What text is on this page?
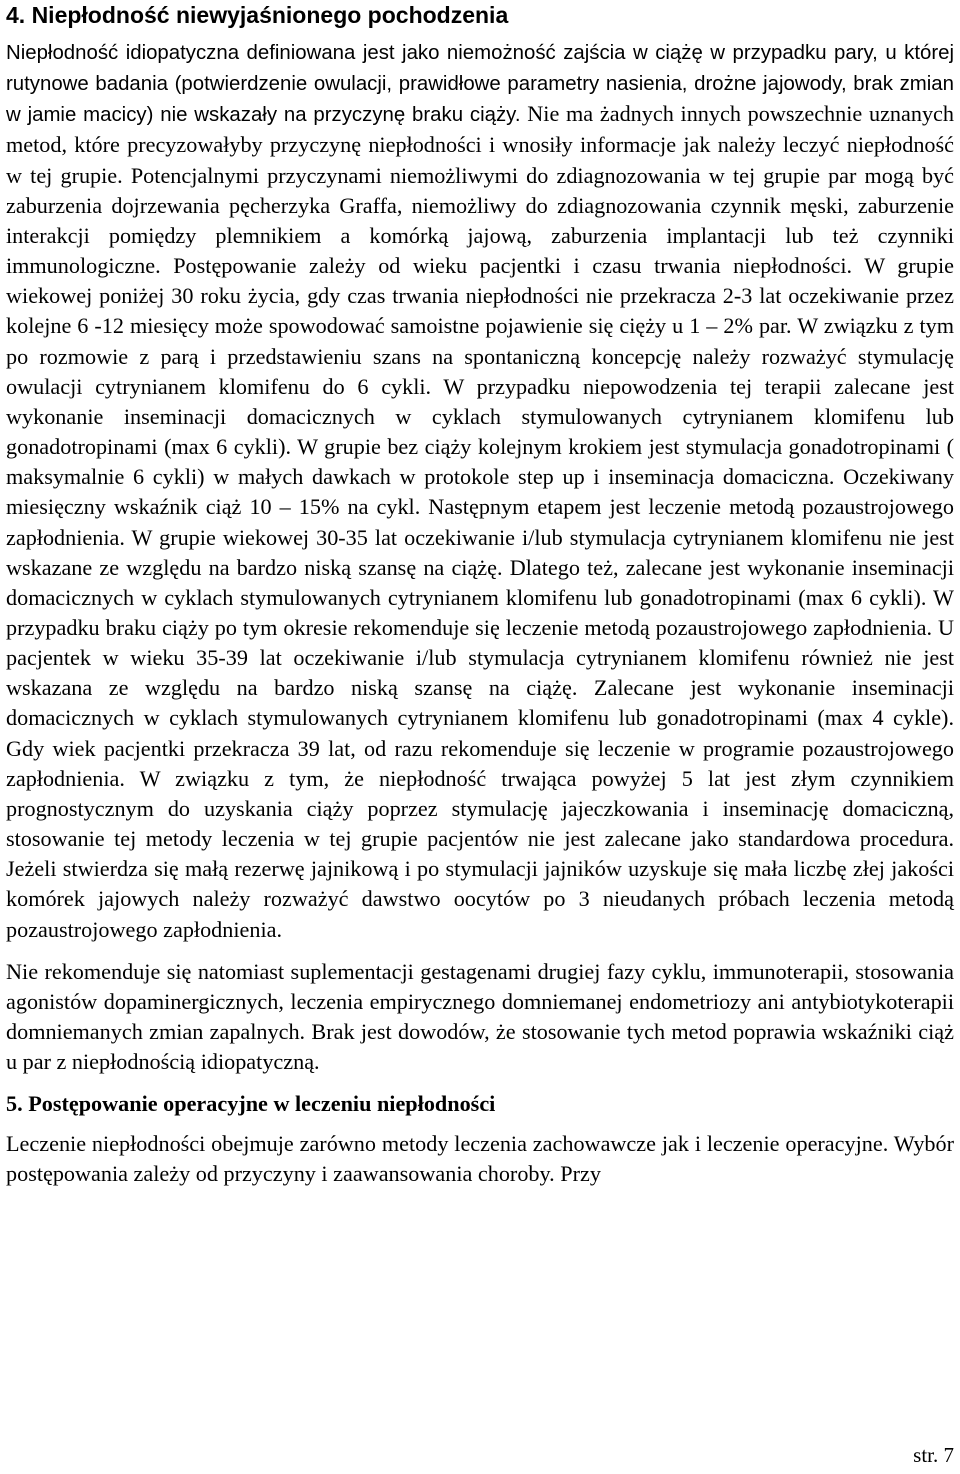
4. Niepłodność niewyjaśnionego pochodzenia

Niepłodność idiopatyczna definiowana jest jako niemożność zajścia w ciążę w przypadku pary, u której rutynowe badania (potwierdzenie owulacji, prawidłowe parametry nasienia, drożne jajowody, brak zmian w jamie macicy) nie wskazały na przyczynę braku ciąży. Nie ma żadnych innych powszechnie uznanych metod, które precyzowałyby przyczynę niepłodności i wnosiły informacje jak należy leczyć niepłodność w tej grupie. Potencjalnymi przyczynami niemożliwymi do zdiagnozowania w tej grupie par mogą być zaburzenia dojrzewania pęcherzyka Graffa, niemożliwy do zdiagnozowania czynnik męski, zaburzenie interakcji pomiędzy plemnikiem a komórką jajową, zaburzenia implantacji lub też czynniki immunologiczne. Postępowanie zależy od wieku pacjentki i czasu trwania niepłodności. W grupie wiekowej poniżej 30 roku życia, gdy czas trwania niepłodności nie przekracza 2-3 lat oczekiwanie przez kolejne 6 -12 miesięcy może spowodować samoistne pojawienie się cięży u 1 – 2% par. W związku z tym po rozmowie z parą i przedstawieniu szans na spontaniczną koncepcję należy rozważyć stymulację owulacji cytrynianem klomifenu do 6 cykli. W przypadku niepowodzenia tej terapii zalecane jest wykonanie inseminacji domacicznych w cyklach stymulowanych cytrynianem klomifenu lub gonadotropinami (max 6 cykli). W grupie bez ciąży kolejnym krokiem jest stymulacja gonadotropinami ( maksymalnie 6 cykli) w małych dawkach w protokole step up i inseminacja domaciczna. Oczekiwany miesięczny wskaźnik ciąż 10 – 15% na cykl. Następnym etapem jest leczenie metodą pozaustrojowego zapłodnienia. W grupie wiekowej 30-35 lat oczekiwanie i/lub stymulacja cytrynianem klomifenu nie jest wskazane ze względu na bardzo niską szansę na ciążę. Dlatego też, zalecane jest wykonanie inseminacji domacicznych w cyklach stymulowanych cytrynianem klomifenu lub gonadotropinami (max 6 cykli). W przypadku braku ciąży po tym okresie rekomenduje się leczenie metodą pozaustrojowego zapłodnienia. U pacjentek w wieku 35-39 lat oczekiwanie i/lub stymulacja cytrynianem klomifenu również nie jest wskazana ze względu na bardzo niską szansę na ciążę. Zalecane jest wykonanie inseminacji domacicznych w cyklach stymulowanych cytrynianem klomifenu lub gonadotropinami (max 4 cykle). Gdy wiek pacjentki przekracza 39 lat, od razu rekomenduje się leczenie w programie pozaustrojowego zapłodnienia. W związku z tym, że niepłodność trwająca powyżej 5 lat jest złym czynnikiem prognostycznym do uzyskania ciąży poprzez stymulację jajeczkowania i inseminację domaciczną, stosowanie tej metody leczenia w tej grupie pacjentów nie jest zalecane jako standardowa procedura. Jeżeli stwierdza się małą rezerwę jajnikową i po stymulacji jajników uzyskuje się mała liczbę złej jakości komórek jajowych należy rozważyć dawstwo oocytów po 3 nieudanych próbach leczenia metodą pozaustrojowego zapłodnienia.

Nie rekomenduje się natomiast suplementacji gestagenami drugiej fazy cyklu, immunoterapii, stosowania agonistów dopaminergicznych, leczenia empirycznego domniemanej endometriozy ani antybiotykoterapii domniemanych zmian zapalnych. Brak jest dowodów, że stosowanie tych metod poprawia wskaźniki ciąż u par z niepłodnością idiopatyczną.

5. Postępowanie operacyjne w leczeniu niepłodności

Leczenie niepłodności obejmuje zarówno metody leczenia zachowawcze jak i leczenie operacyjne. Wybór postępowania zależy od przyczyny i zaawansowania choroby. Przy

str. 7
